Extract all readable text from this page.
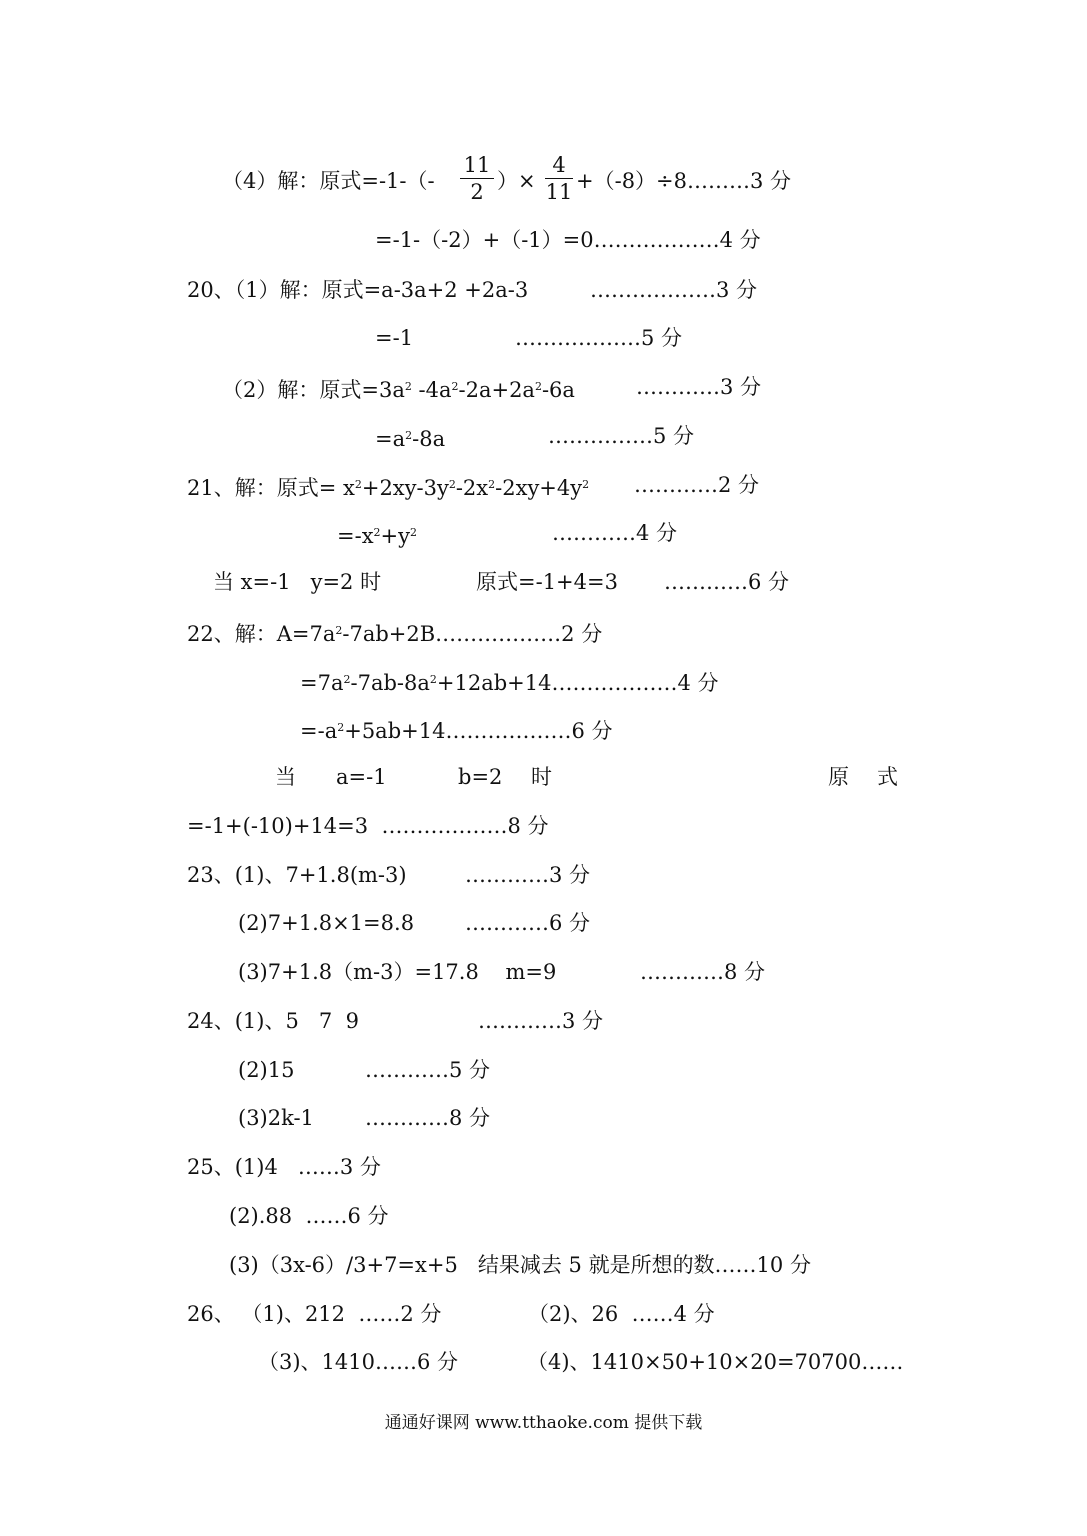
（4）解：原式=-1-（-
11
2 ）×
4
11 +（-8）÷8………3 分
=-1-（-2）+（-1）=0………………4 分
20、（1）解：原式=a-3a+2 +2a-3	………………3 分
=-1	………………5 分
（2）解：原式$=3a^2$ $-4a^2-2a+2a^2-6a$	…………3 分
$=a^2-8a$	……………5 分
21、解：原式= $x^2+2xy-3y^2-2x^2-2xy+4y^2$ …………2 分
$=-x^2+y^2$	…………4 分
当 x=-1   y=2 时	原式=-1+4=3 …………6 分
22、解：$A=7a^2-7ab+2B\dots\dots\dots\dots\dots\dots 2$ 分
$=7a^2-7ab-8a^2+12ab+14\dots\dots\dots\dots\dots\dots 4$ 分
$=-a^2+5ab+14\dots\dots\dots\dots\dots\dots 6$ 分
当 a=-1	b=2 时	原 式
=-1+(-10)+14=3  ………………8 分
23、(1)、7+1.8(m-3)	…………3 分
(2)7+1.8×1=8.8 …………6 分
(3)7+1.8（m-3）=17.8    m=9	…………8 分
24、(1)、5   7  9	…………3 分
(2)15	…………5 分
(3)2k-1 …………8 分
25、(1)4   ……3 分
(2).88  ……6 分
(3)（3x-6）/3+7=x+5   结果减去 5 就是所想的数……10 分
26、 （1)、212  ……2 分	（2)、26  ……4 分
（3)、1410……6 分	（4)、1410×50+10×20=70700……
通通好课网 www.tthaoke.com 提供下载
